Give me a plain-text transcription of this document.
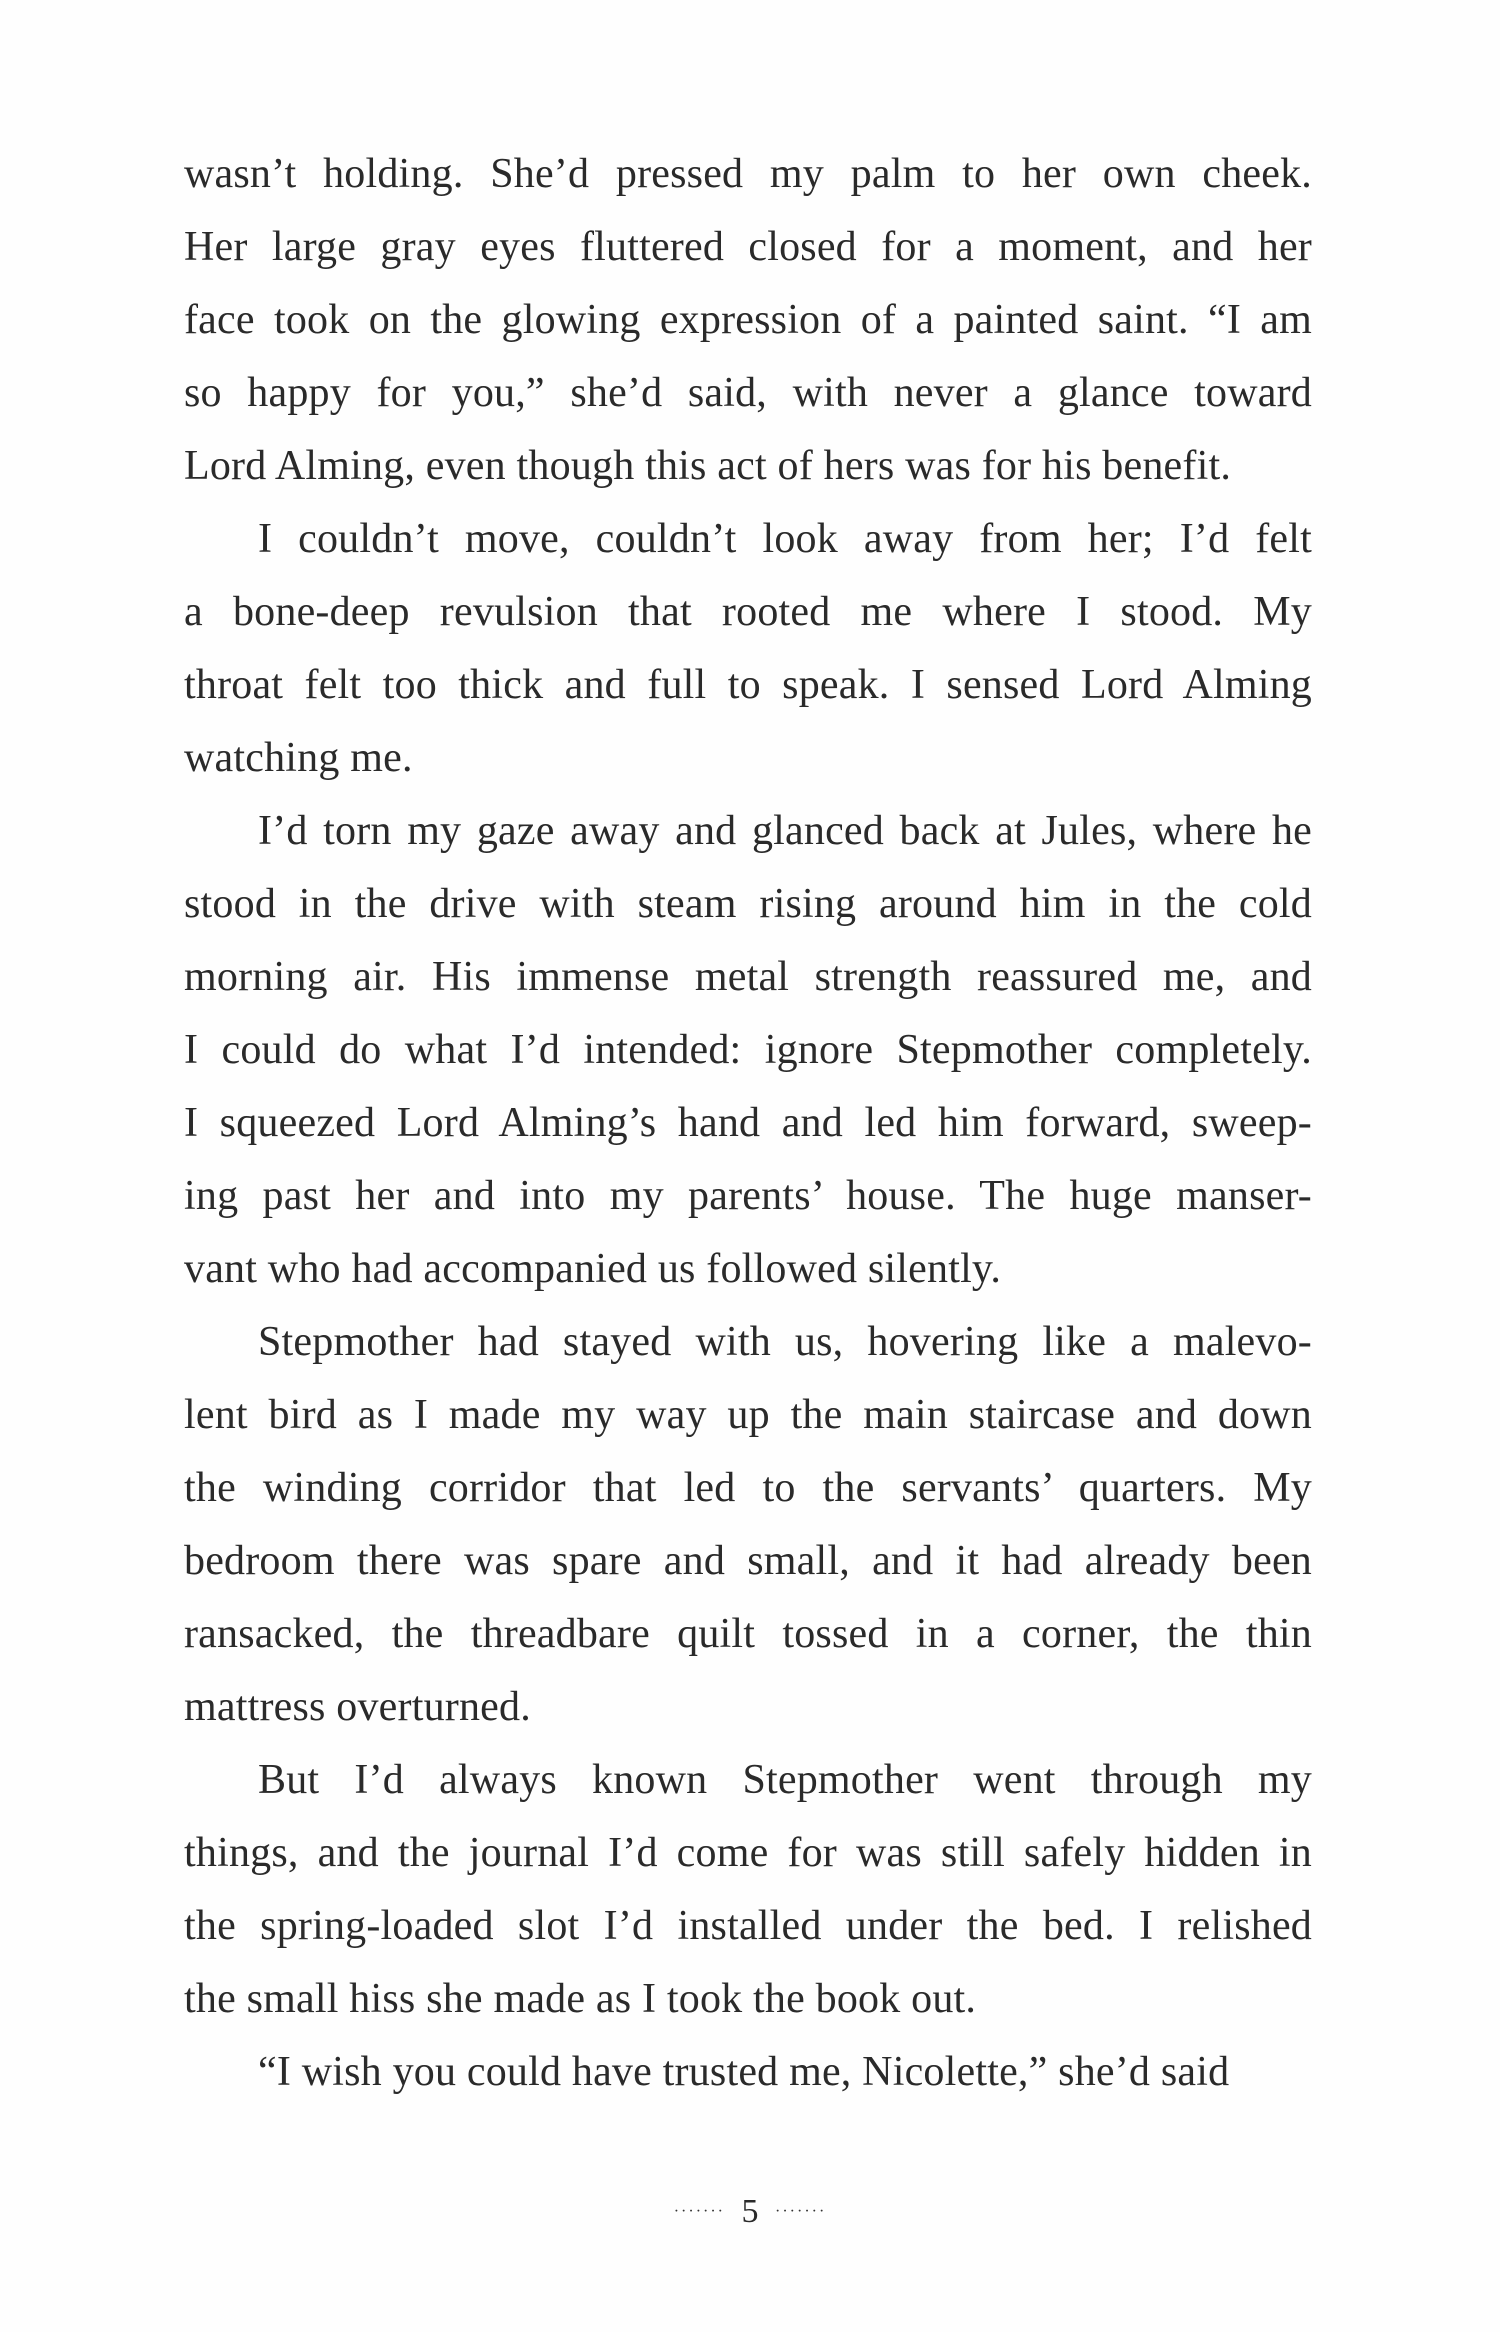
wasn’t holding. She’d pressed my palm to her own cheek.
Her large gray eyes fluttered closed for a moment, and her
face took on the glowing expression of a painted saint. “I am
so happy for you,” she’d said, with never a glance toward
Lord Alming, even though this act of hers was for his benefit.
I couldn’t move, couldn’t look away from her; I’d felt
a bone-deep revulsion that rooted me where I stood. My
throat felt too thick and full to speak. I sensed Lord Alming
watching me.
I’d torn my gaze away and glanced back at Jules, where he
stood in the drive with steam rising around him in the cold
morning air. His immense metal strength reassured me, and
I could do what I’d intended: ignore Stepmother completely.
I squeezed Lord Alming’s hand and led him forward, sweep-
ing past her and into my parents’ house. The huge manser-
vant who had accompanied us followed silently.
Stepmother had stayed with us, hovering like a malevo-
lent bird as I made my way up the main staircase and down
the winding corridor that led to the servants’ quarters. My
bedroom there was spare and small, and it had already been
ransacked, the threadbare quilt tossed in a corner, the thin
mattress overturned.
But I’d always known Stepmother went through my
things, and the journal I’d come for was still safely hidden in
the spring-loaded slot I’d installed under the bed. I relished
the small hiss she made as I took the book out.
“I wish you could have trusted me, Nicolette,” she’d said
······· 5 ·······
